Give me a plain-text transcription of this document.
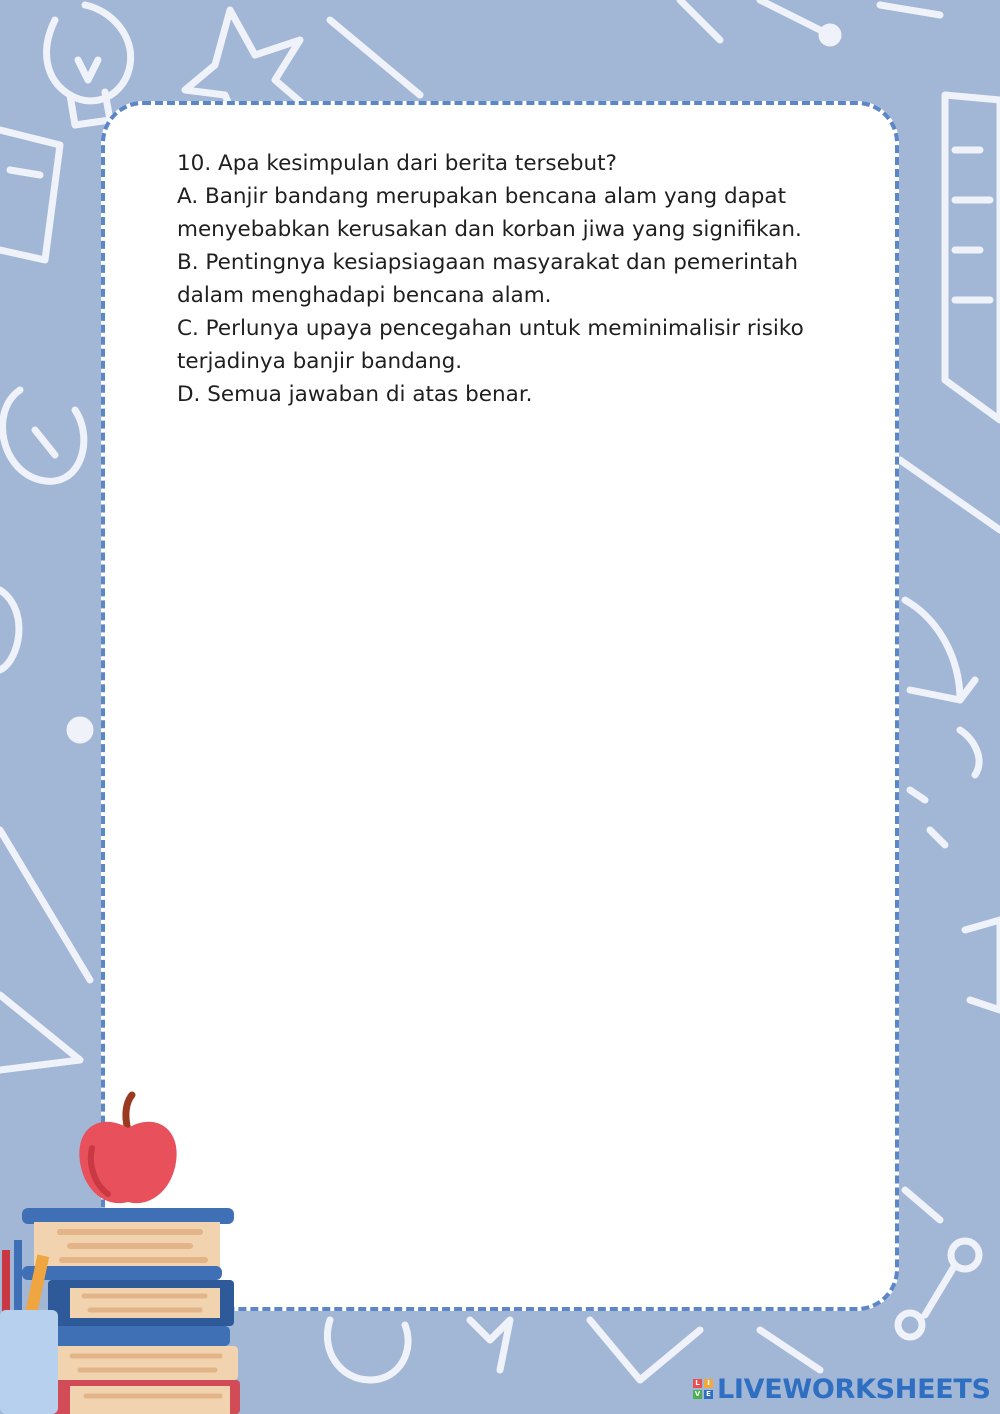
10. Apa kesimpulan dari berita tersebut?

A. Banjir bandang merupakan bencana alam yang dapat menyebabkan kerusakan dan korban jiwa yang signifikan.

B. Pentingnya kesiapsiagaan masyarakat dan pemerintah dalam menghadapi bencana alam.

C. Perlunya upaya pencegahan untuk meminimalisir risiko terjadinya banjir bandang.

D. Semua jawaban di atas benar.

L	I
V E LIVEWORKSHEETS
